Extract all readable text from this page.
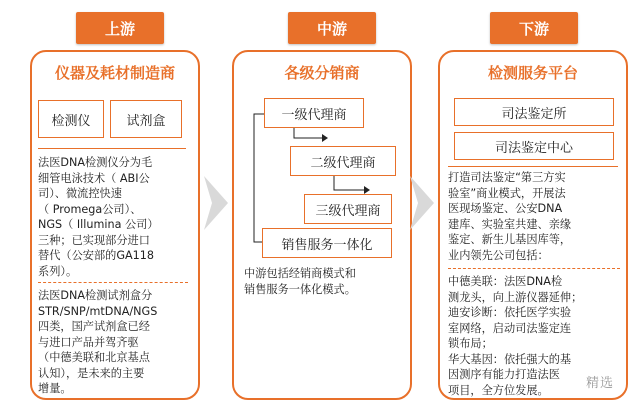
上游	中游	下游
仪器及耗材制造商
检测仪	试剂盒
法医DNA检测仪分为毛
细管电泳技术（ ABI公
司）、微流控快速
（ Promega公司）、
NGS（ Illumina 公司）
三种；已实现部分进口
替代（公安部的GA118
系列）。
法医DNA检测试剂盒分
STR/SNP/mtDNA/NGS
四类，国产试剂盒已经
与进口产品并驾齐驱
（中德美联和北京基点
认知），是未来的主要
增量。
各级分销商
一级代理商
二级代理商
三级代理商
销售服务一体化
中游包括经销商模式和
销售服务一体化模式。
检测服务平台
司法鉴定所
司法鉴定中心
打造司法鉴定“第三方实
验室”商业模式，开展法
医现场鉴定、公安DNA
建库、实验室共建、亲缘
鉴定、新生儿基因库等，
业内领先公司包括：
中德美联：法医DNA检
测龙头，向上游仪器延伸；
迪安诊断：依托医学实验
室网络，启动司法鉴定连
锁布局；
华大基因：依托强大的基
因测序有能力打造法医
项目，全方位发展。	精选
